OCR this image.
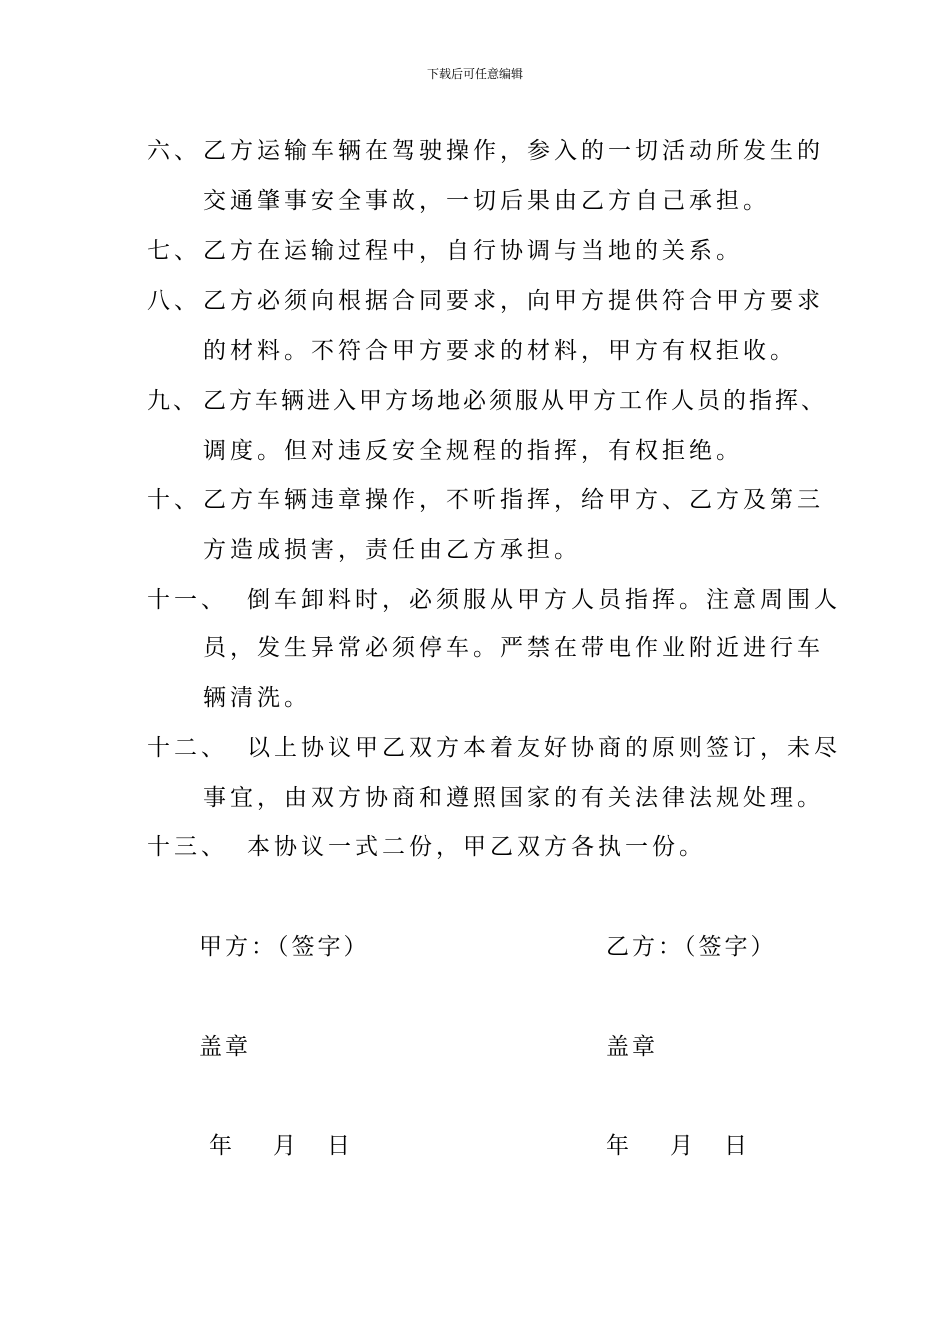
下载后可任意编辑
六、乙方运输车辆在驾驶操作，参入的一切活动所发生的
交通肇事安全事故，一切后果由乙方自己承担。
七、乙方在运输过程中，自行协调与当地的关系。
八、乙方必须向根据合同要求，向甲方提供符合甲方要求
的材料。不符合甲方要求的材料，甲方有权拒收。
九、 乙方车辆进入甲方场地必须服从甲方工作人员的指挥、
调度。但对违反安全规程的指挥，有权拒绝。
十、乙方车辆违章操作，不听指挥，给甲方、乙方及第三
方造成损害，责任由乙方承担。
十一、 倒车卸料时，必须服从甲方人员指挥。注意周围人
员，发生异常必须停车。严禁在带电作业附近进行车
辆清洗。
十二、 以上协议甲乙双方本着友好协商的原则签订，未尽
事宜，由双方协商和遵照国家的有关法律法规处理。
十三、 本协议一式二份，甲乙双方各执一份。
甲方：（签字）	乙方：（签字）
盖章	盖章
年 月 日	年 月 日
